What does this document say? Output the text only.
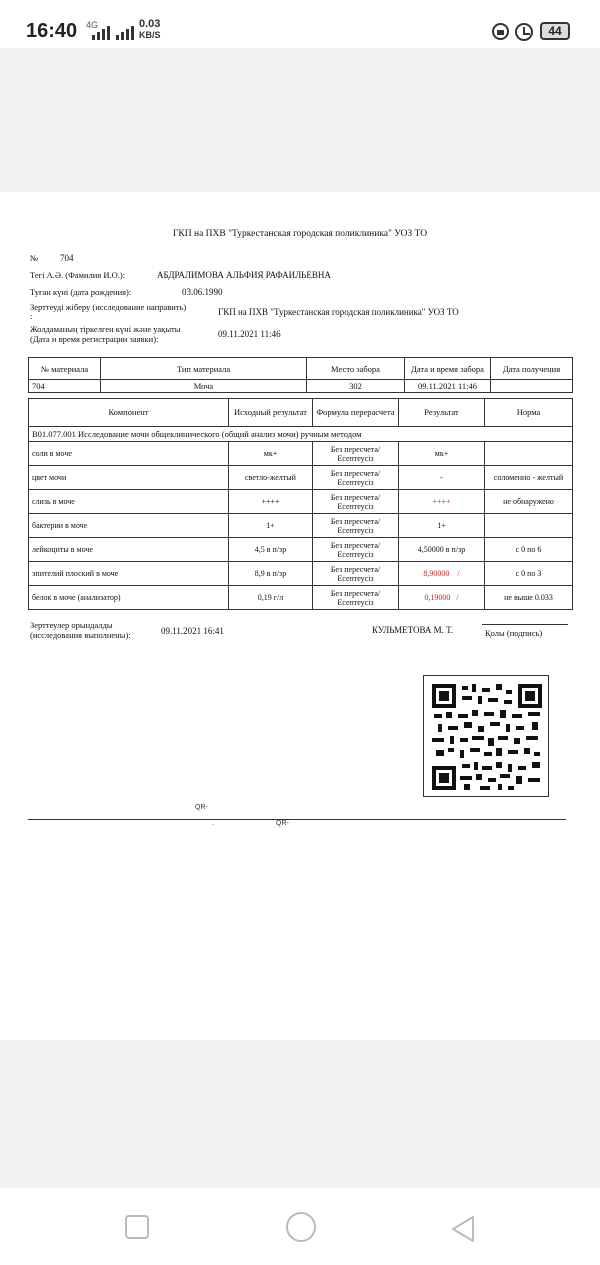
16:40 4G	0.03
KB/S	44
ГКП на ПХВ "Туркестанская городская поликлиника" УОЗ ТО
№ 704
Тегі А.Ә. (Фамилия И.О.):	АБДРАЛИМОВА АЛЬФИЯ РАФАИЛЬЕВНА
Туған күні (дата рождения):	03.06.1990
Зерттеуді жіберу (исследование направить)
:	ГКП на ПХВ "Туркестанская городская поликлиника" УОЗ ТО
Жолдаманың тіркелген күні және уақыты
(Дата и время регистрации заявки):	09.11.2021 11:46
№ материала	Тип материала	Место забора	Дата и время забора	Дата получения
704	Моча	302	09.11.2021 11:46	
Компонент	Исходный результат	Формула перерасчета	Результат	Норма
В01.077.001 Исследование мочи общеклинического (общий анализ мочи) ручным методом				
соли в моче	мк+	Без пересчета/ Есептеусіз	мк+	
цвет мочи	светло-желтый	Без пересчета/ Есептеусіз	-	соломенно - желтый
слизь в моче	++++	Без пересчета/ Есептеусіз	++++	не обнаружено
бактерии в моче	1+	Без пересчета/ Есептеусіз	1+	
лейкоциты в моче	4,5 в п/зр	Без пересчета/ Есептеусіз	4,50000 в п/зр	с 0 по 6
эпителий плоский в моче	8,9 в п/зр	Без пересчета/ Есептеусіз	8,90000 /	с 0 по 3
белок в моче (анализатор)	0,19 г/л	Без пересчета/ Есептеусіз	0,19000 /	не выше 0.033
Зерттеулер орындалды
(исследования выполнены):	09.11.2021 16:41	КУЛЬМЕТОВА М. Т.	Қолы (подпись)
QR-
.	QR-
